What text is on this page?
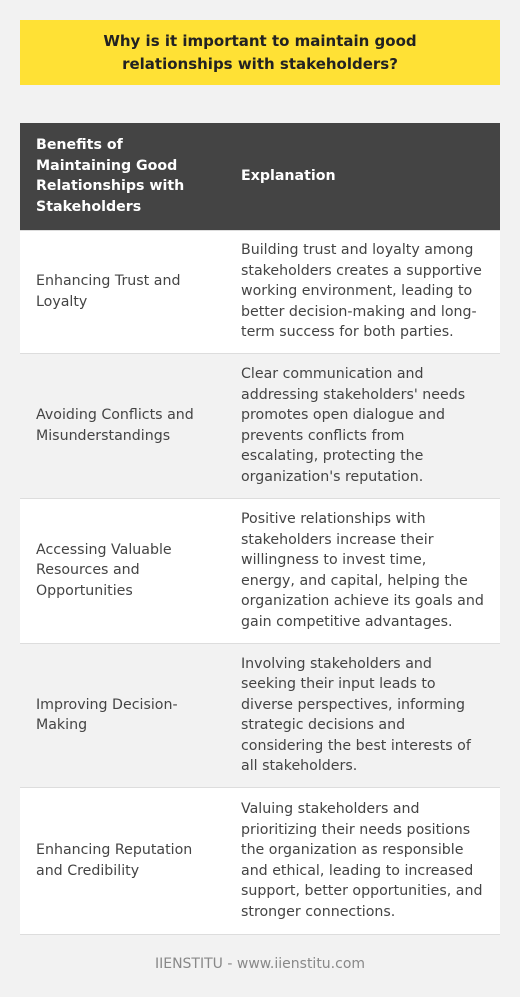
Why is it important to maintain good relationships with stakeholders?
Benefits of Maintaining Good Relationships with Stakeholders	Explanation
Enhancing Trust and Loyalty	Building trust and loyalty among stakeholders creates a supportive working environment, leading to better decision-making and long-term success for both parties.
Avoiding Conflicts and Misunderstandings	Clear communication and addressing stakeholders' needs promotes open dialogue and prevents conflicts from escalating, protecting the organization's reputation.
Accessing Valuable Resources and Opportunities	Positive relationships with stakeholders increase their willingness to invest time, energy, and capital, helping the organization achieve its goals and gain competitive advantages.
Improving Decision-Making	Involving stakeholders and seeking their input leads to diverse perspectives, informing strategic decisions and considering the best interests of all stakeholders.
Enhancing Reputation and Credibility	Valuing stakeholders and prioritizing their needs positions the organization as responsible and ethical, leading to increased support, better opportunities, and stronger connections.
IIENSTITU - www.iienstitu.com
